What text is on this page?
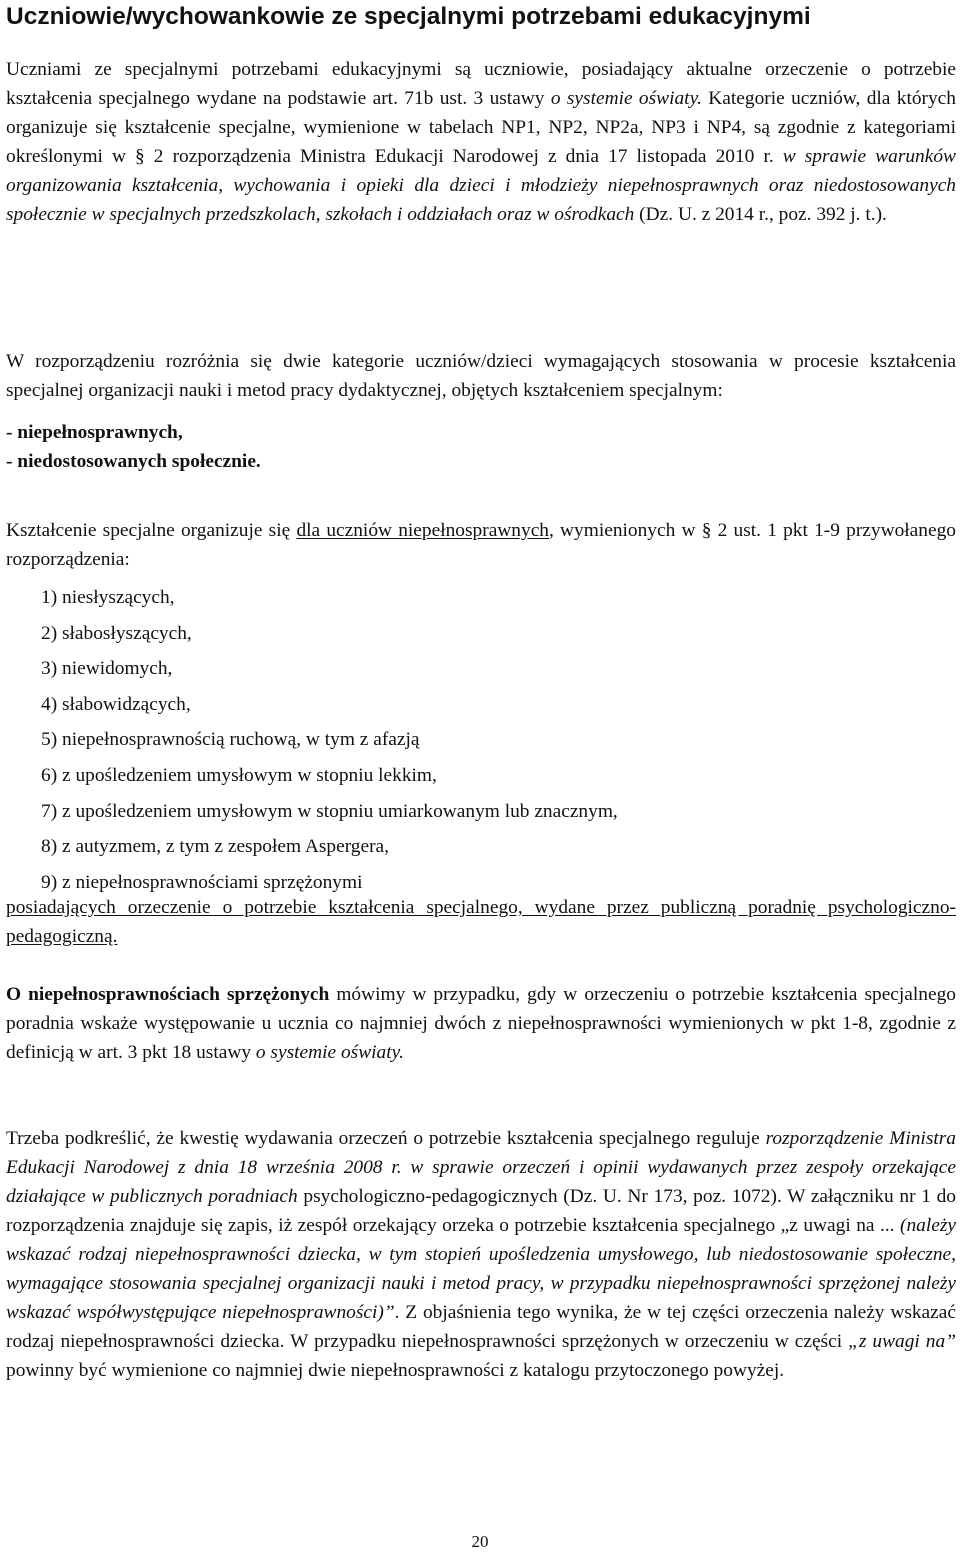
Uczniowie/wychowankowie ze specjalnymi potrzebami edukacyjnymi

Uczniami ze specjalnymi potrzebami edukacyjnymi są uczniowie, posiadający aktualne orzeczenie o potrzebie kształcenia specjalnego wydane na podstawie art. 71b ust. 3 ustawy o systemie oświaty. Kategorie uczniów, dla których organizuje się kształcenie specjalne, wymienione w tabelach NP1, NP2, NP2a, NP3 i NP4, są zgodnie z kategoriami określonymi w § 2 rozporządzenia Ministra Edukacji Narodowej z dnia 17 listopada 2010 r. w sprawie warunków organizowania kształcenia, wychowania i opieki dla dzieci i młodzieży niepełnosprawnych oraz niedostosowanych społecznie w specjalnych przedszkolach, szkołach i oddziałach oraz w ośrodkach (Dz. U. z 2014 r., poz. 392 j. t.).

W rozporządzeniu rozróżnia się dwie kategorie uczniów/dzieci wymagających stosowania w procesie kształcenia specjalnej organizacji nauki i metod pracy dydaktycznej, objętych kształceniem specjalnym:

- niepełnosprawnych,

- niedostosowanych społecznie.

Kształcenie specjalne organizuje się dla uczniów niepełnosprawnych, wymienionych w § 2 ust. 1 pkt 1-9 przywołanego rozporządzenia:

1) niesłyszących,
2) słabosłyszących,
3) niewidomych,
4) słabowidzących,
5) niepełnosprawnością ruchową, w tym z afazją
6) z upośledzeniem umysłowym w stopniu lekkim,
7) z upośledzeniem umysłowym w stopniu umiarkowanym lub znacznym,
8) z autyzmem, z tym z zespołem Aspergera,
9) z niepełnosprawnościami sprzężonymi

posiadających orzeczenie o potrzebie kształcenia specjalnego, wydane przez publiczną poradnię psychologiczno-pedagogiczną.

O niepełnosprawnościach sprzężonych mówimy w przypadku, gdy w orzeczeniu o potrzebie kształcenia specjalnego poradnia wskaże występowanie u ucznia co najmniej dwóch z niepełnosprawności wymienionych w pkt 1-8, zgodnie z definicją w art. 3 pkt 18 ustawy o systemie oświaty.

Trzeba podkreślić, że kwestię wydawania orzeczeń o potrzebie kształcenia specjalnego reguluje rozporządzenie Ministra Edukacji Narodowej z dnia 18 września 2008 r. w sprawie orzeczeń i opinii wydawanych przez zespoły orzekające działające w publicznych poradniach psychologiczno-pedagogicznych (Dz. U. Nr 173, poz. 1072). W załączniku nr 1 do rozporządzenia znajduje się zapis, iż zespół orzekający orzeka o potrzebie kształcenia specjalnego „z uwagi na ... (należy wskazać rodzaj niepełnosprawności dziecka, w tym stopień upośledzenia umysłowego, lub niedostosowanie społeczne, wymagające stosowania specjalnej organizacji nauki i metod pracy, w przypadku niepełnosprawności sprzężonej należy wskazać współwystępujące niepełnosprawności)”. Z objaśnienia tego wynika, że w tej części orzeczenia należy wskazać rodzaj niepełnosprawności dziecka. W przypadku niepełnosprawności sprzężonych w orzeczeniu w części „z uwagi na” powinny być wymienione co najmniej dwie niepełnosprawności z katalogu przytoczonego powyżej.

20
